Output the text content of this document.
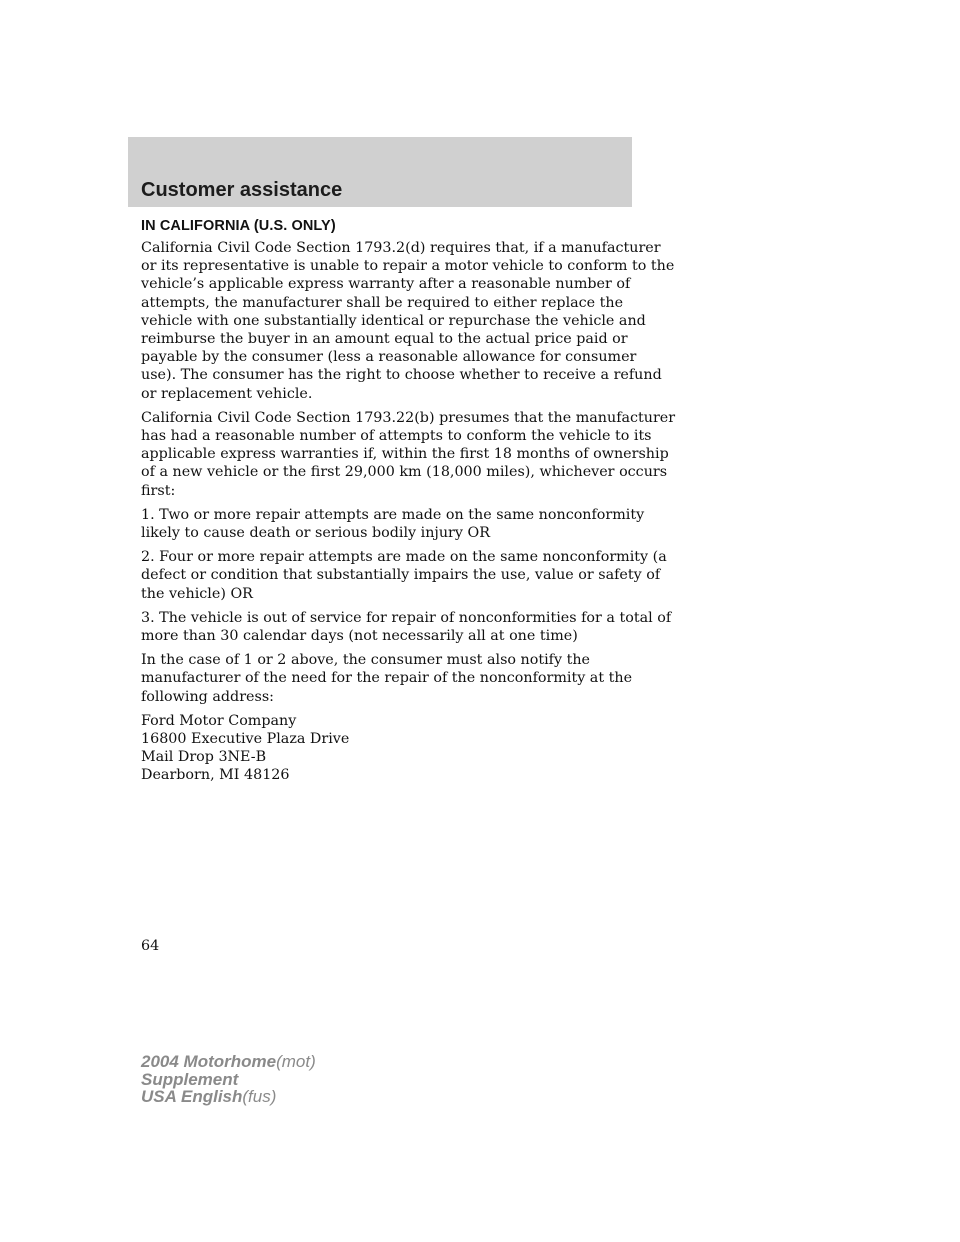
Customer assistance
IN CALIFORNIA (U.S. ONLY)
California Civil Code Section 1793.2(d) requires that, if a manufacturer
or its representative is unable to repair a motor vehicle to conform to the
vehicle’s applicable express warranty after a reasonable number of
attempts, the manufacturer shall be required to either replace the
vehicle with one substantially identical or repurchase the vehicle and
reimburse the buyer in an amount equal to the actual price paid or
payable by the consumer (less a reasonable allowance for consumer
use). The consumer has the right to choose whether to receive a refund
or replacement vehicle.
California Civil Code Section 1793.22(b) presumes that the manufacturer
has had a reasonable number of attempts to conform the vehicle to its
applicable express warranties if, within the first 18 months of ownership
of a new vehicle or the first 29,000 km (18,000 miles), whichever occurs
first:
1. Two or more repair attempts are made on the same nonconformity
likely to cause death or serious bodily injury OR
2. Four or more repair attempts are made on the same nonconformity (a
defect or condition that substantially impairs the use, value or safety of
the vehicle) OR
3. The vehicle is out of service for repair of nonconformities for a total of
more than 30 calendar days (not necessarily all at one time)
In the case of 1 or 2 above, the consumer must also notify the
manufacturer of the need for the repair of the nonconformity at the
following address:
Ford Motor Company
16800 Executive Plaza Drive
Mail Drop 3NE-B
Dearborn, MI 48126
64
2004 Motorhome(mot)
Supplement
USA English(fus)
